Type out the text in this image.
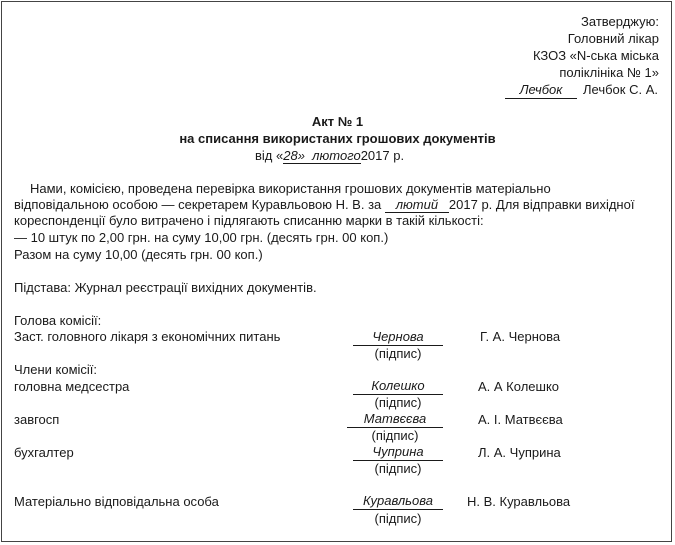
Затверджую:
Головний лікар
КЗОЗ «N-ська міська
поліклініка № 1»
Лечбок	Лечбок С. А.
Акт № 1
на списання використаних грошових документів
від «28» лютого2017 р.
Нами, комісією, проведена перевірка використання грошових документів матеріально
відповідальною особою — секретарем Куравльовою Н. В. за лютий 2017 р. Для відправки вихідної
кореспонденції було витрачено і підлягають списанню марки в такій кількості:
— 10 штук по 2,00 грн. на суму 10,00 грн. (десять грн. 00 коп.)
Разом на суму 10,00 (десять грн. 00 коп.)
Підстава: Журнал реєстрації вихідних документів.
Голова комісії:
Заст. головного лікаря з економічних питань	Чернова	Г. А. Чернова
(підпис)
Члени комісії:
головна медсестра	Колешко	А. А Колешко
(підпис)
завгосп	Матвєєва	А. І. Матвєєва
(підпис)
бухгалтер	Чуприна	Л. А. Чуприна
(підпис)
Матеріально відповідальна особа	Куравльова	Н. В. Куравльова
(підпис)
